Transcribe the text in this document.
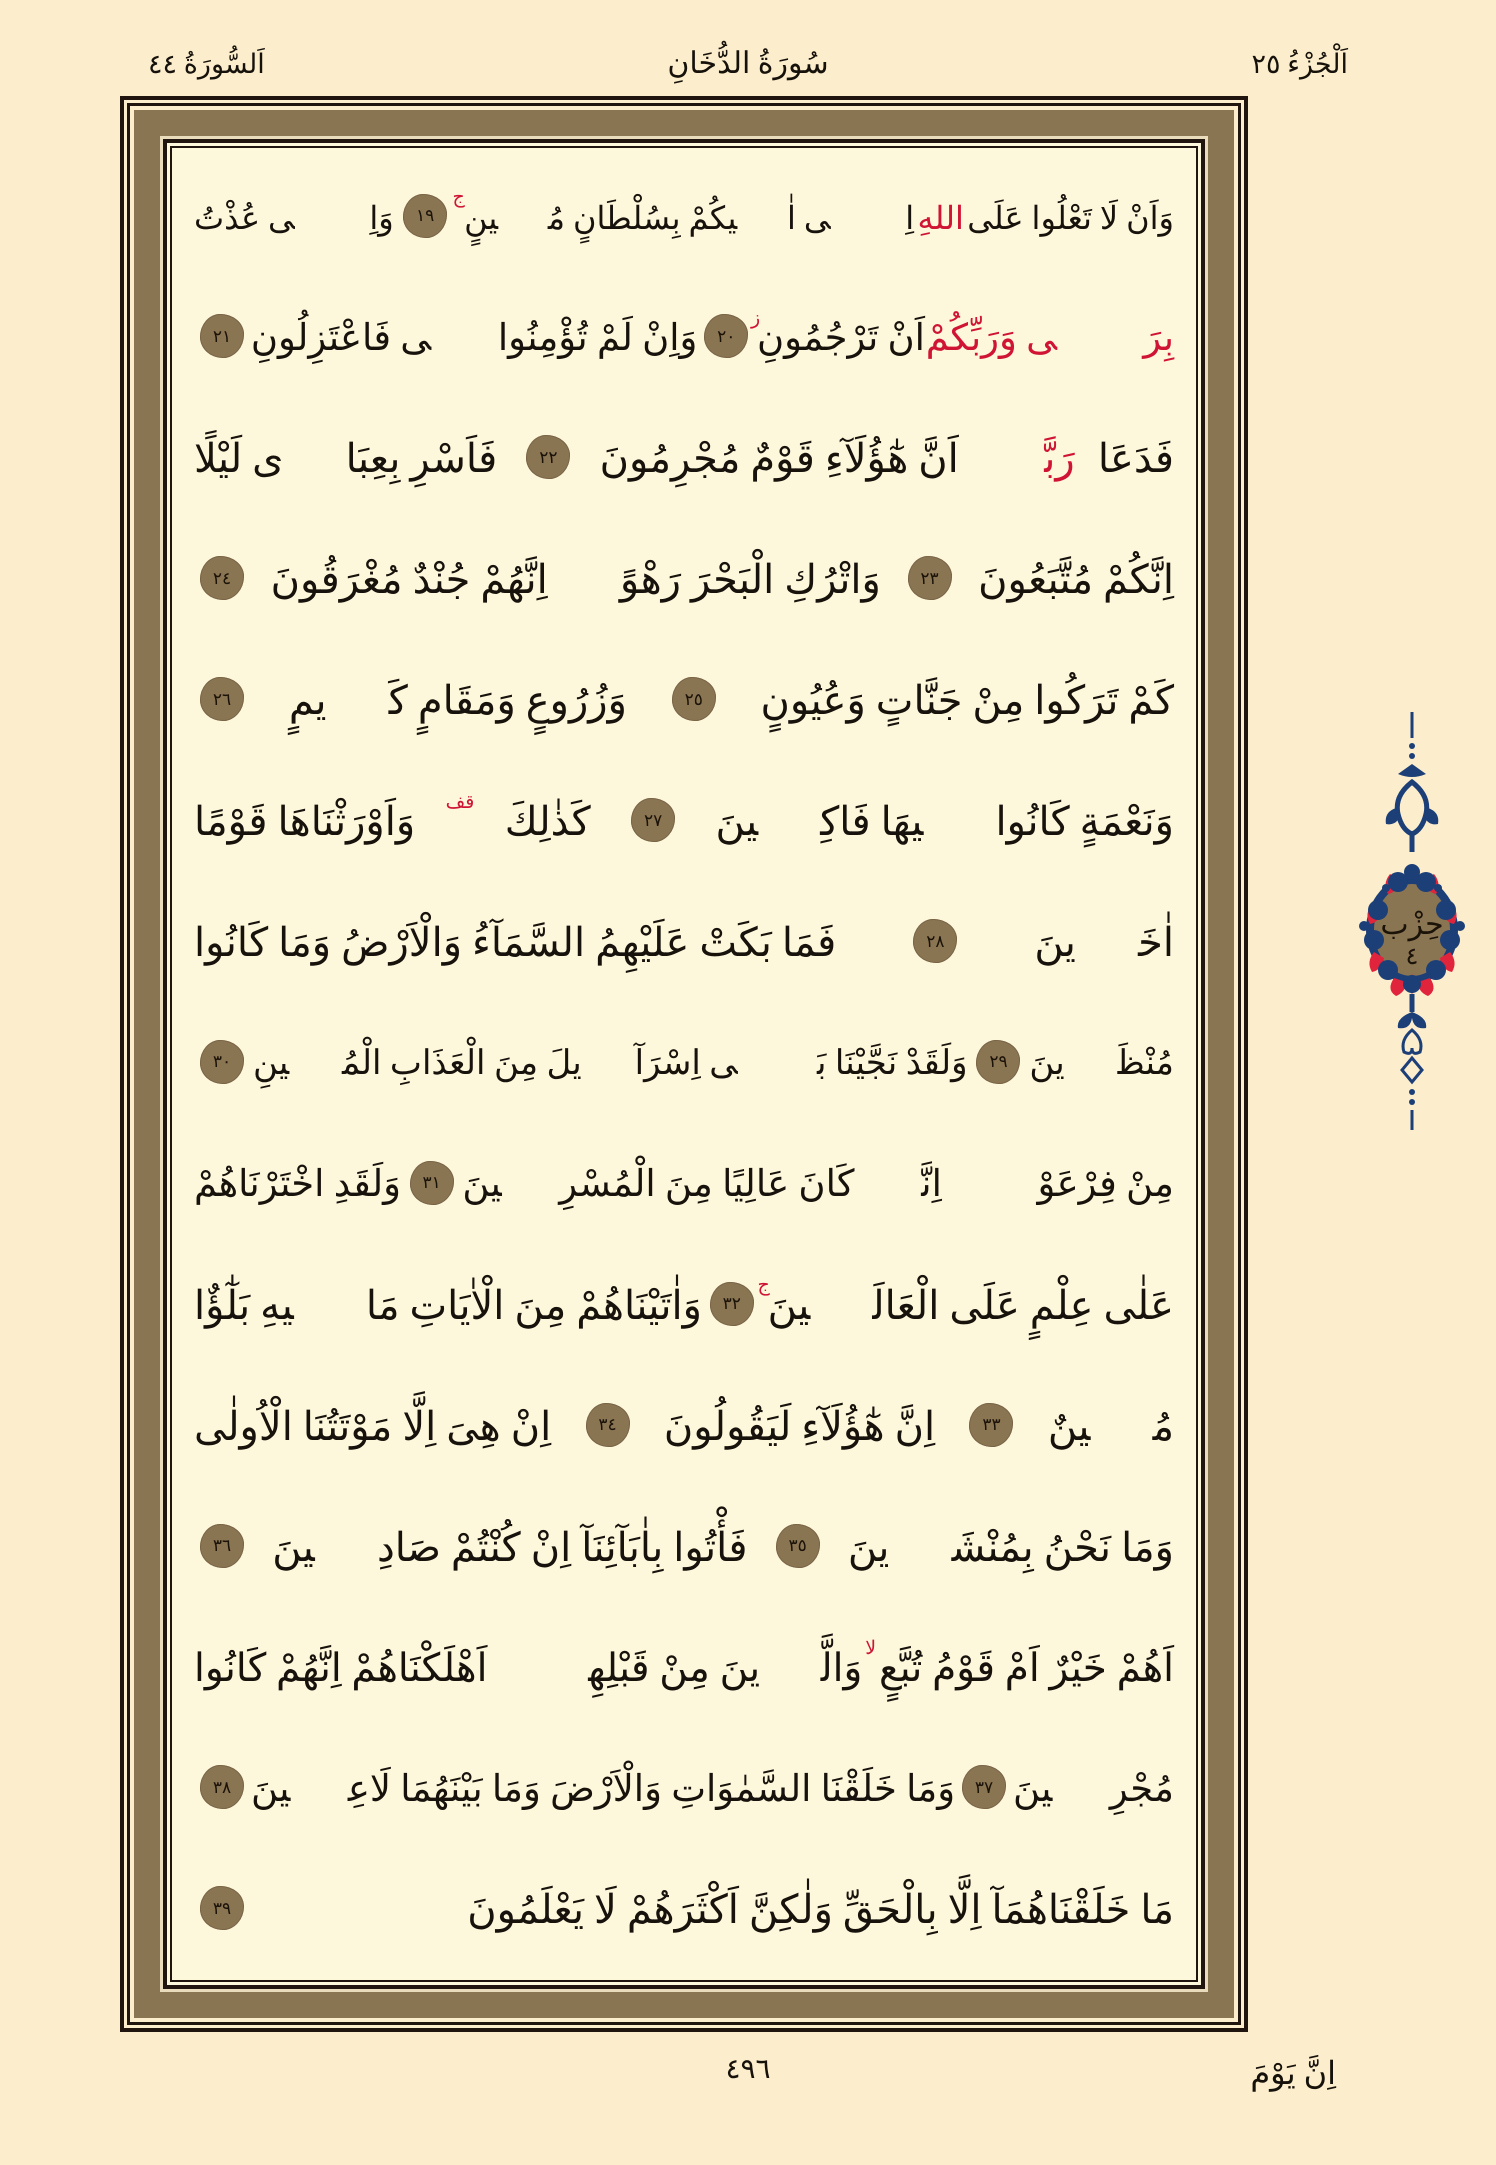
اَلْجُزْءُ ٢٥
سُورَةُ الدُّخَانِ
اَلسُّورَةُ ٤٤
وَاَنْ لَا تَعْلُوا عَلَى
اللهِ
اِنّٖى اٰتٖيكُمْ بِسُلْطَانٍ مُبٖينٍ
ج
١٩
وَاِنّٖى عُذْتُ
بِرَبّٖى وَرَبِّكُمْ
اَنْ تَرْجُمُونِ
ز
٢٠
وَاِنْ لَمْ تُؤْمِنُوا لٖى فَاعْتَزِلُونِ
٢١
فَدَعَا
رَبَّهٝ
اَنَّ هٰٓؤُلَآءِ قَوْمٌ مُجْرِمُونَ
٢٢
فَاَسْرِ بِعِبَادٖى لَيْلًا
اِنَّكُمْ مُتَّبَعُونَ
٢٣
وَاتْرُكِ الْبَحْرَ رَهْوًاۜ اِنَّهُمْ جُنْدٌ مُغْرَقُونَ
٢٤
كَمْ تَرَكُوا مِنْ جَنَّاتٍ وَعُيُونٍ
٢٥
وَزُرُوعٍ وَمَقَامٍ كَرٖيمٍ
٢٦
وَنَعْمَةٍ كَانُوا فٖيهَا فَاكِهٖينَ
٢٧
كَذٰلِكَ
قف
وَاَوْرَثْنَاهَا قَوْمًا
اٰخَرٖينَ
٢٨
فَمَا بَكَتْ عَلَيْهِمُ السَّمَآءُ وَالْاَرْضُ وَمَا كَانُوا
مُنْظَرٖينَ
٢٩
وَلَقَدْ نَجَّيْنَا بَنٖٓى اِسْرَآءٖيلَ مِنَ الْعَذَابِ الْمُهٖينِ
٣٠
مِنْ فِرْعَوْنَۜ اِنَّهٝ كَانَ عَالِيًا مِنَ الْمُسْرِفٖينَ
٣١
وَلَقَدِ اخْتَرْنَاهُمْ
عَلٰى عِلْمٍ عَلَى الْعَالَمٖينَ
ج
٣٢
وَاٰتَيْنَاهُمْ مِنَ الْاٰيَاتِ مَا فٖيهِ بَلٰٓؤٌا
مُبٖينٌ
٣٣
اِنَّ هٰٓؤُلَآءِ لَيَقُولُونَ
٣٤
اِنْ هِىَ اِلَّا مَوْتَتُنَا الْاُولٰى
وَمَا نَحْنُ بِمُنْشَرٖينَ
٣٥
فَأْتُوا بِاٰبَآئِنَآ اِنْ كُنْتُمْ صَادِقٖينَ
٣٦
اَهُمْ خَيْرٌ اَمْ قَوْمُ تُبَّعٍ
لا
وَالَّذٖينَ مِنْ قَبْلِهِمْۜ اَهْلَكْنَاهُمْ اِنَّهُمْ كَانُوا
مُجْرِمٖينَ
٣٧
وَمَا خَلَقْنَا السَّمٰوَاتِ وَالْاَرْضَ وَمَا بَيْنَهُمَا لَاعِبٖينَ
٣٨
مَا خَلَقْنَاهُمَآ اِلَّا بِالْحَقِّ وَلٰكِنَّ اَكْثَرَهُمْ لَا يَعْلَمُونَ
٣٩
حِزْب
٤
٤٩٦	اِنَّ يَوْمَ
